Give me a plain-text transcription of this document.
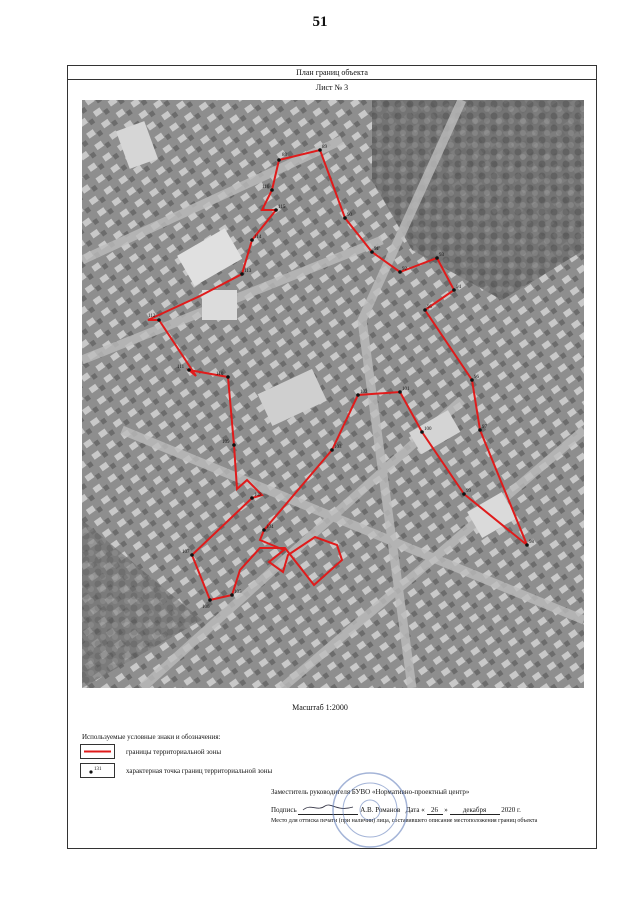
51
План границ объекта
Лист № 3
88
89
90
91
92
93
94
95
96
97
98
99
100
101
102
103
104
105
106
107
108
109
110
111
112
113
114
115
116
Масштаб 1:2000
Используемые условные знаки и обозначения:
границы территориальной зоны
131	характерная точка границ территориальной зоны
Заместитель руководителя БУВО «Нормативно-проектный центр»
Подпись	А.В. Романов Дата « 26 » декабря 2020 г.
Место для оттиска печати (при наличии) лица, составившего описание местоположения границ объекта
